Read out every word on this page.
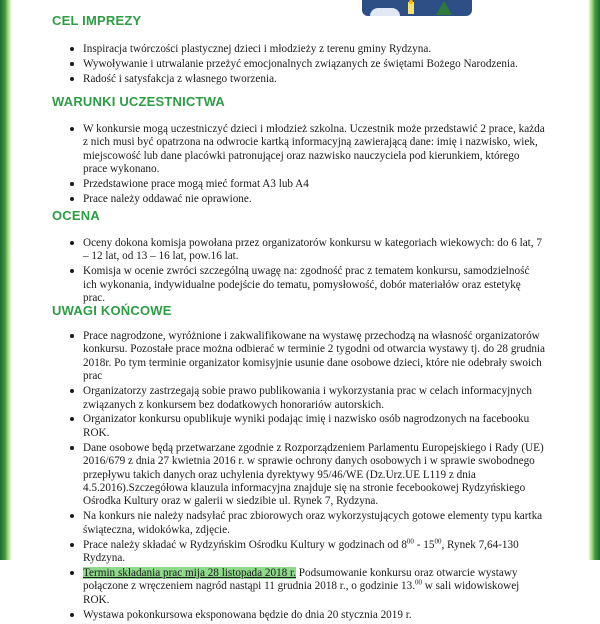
CEL IMPREZY
Inspiracja twórczości plastycznej dzieci i młodzieży z terenu gminy Rydzyna.
Wywoływanie i utrwalanie przeżyć emocjonalnych związanych ze świętami Bożego Narodzenia.
Radość i satysfakcja z własnego tworzenia.
WARUNKI UCZESTNICTWA
W konkursie mogą uczestniczyć dzieci i młodzież szkolna. Uczestnik może przedstawić 2 prace, każda z nich musi być opatrzona na odwrocie kartką informacyjną zawierającą dane: imię i nazwisko, wiek, miejscowość lub dane placówki patronującej oraz nazwisko nauczyciela pod kierunkiem, którego prace wykonano.
Przedstawione prace mogą mieć format A3 lub A4
Prace należy oddawać nie oprawione.
OCENA
Oceny dokona komisja powołana przez organizatorów konkursu w kategoriach wiekowych: do 6 lat, 7 – 12 lat, od 13 – 16 lat, pow.16 lat.
Komisja w ocenie zwróci szczególną uwagę na: zgodność prac z tematem konkursu, samodzielność ich wykonania, indywidualne podejście do tematu, pomysłowość, dobór materiałów oraz estetykę prac.
UWAGI KOŃCOWE
Prace nagrodzone, wyróżnione i zakwalifikowane na wystawę przechodzą na własność organizatorów konkursu. Pozostałe prace można odbierać w terminie 2 tygodni od otwarcia wystawy tj. do 28 grudnia 2018r. Po tym terminie organizator komisyjnie usunie dane osobowe dzieci, które nie odebrały swoich prac
Organizatorzy zastrzegają sobie prawo publikowania i wykorzystania prac w celach informacyjnych związanych z konkursem bez dodatkowych honorariów autorskich.
Organizator konkursu opublikuje wyniki podając imię i nazwisko osób nagrodzonych na facebooku ROK.
Dane osobowe będą przetwarzane zgodnie z Rozporządzeniem Parlamentu Europejskiego i Rady (UE) 2016/679 z dnia 27 kwietnia 2016 r. w sprawie ochrony danych osobowych i w sprawie swobodnego przepływu takich danych oraz uchylenia dyrektywy 95/46/WE (Dz.Urz.UE L119 z dnia 4.5.2016).Szczegółowa klauzula informacyjna znajduje się na stronie fecebookowej Rydzyńskiego Ośrodka Kultury oraz w galerii w siedzibie ul. Rynek 7, Rydzyna.
Na konkurs nie należy nadsyłać prac zbiorowych oraz wykorzystujących gotowe elementy typu kartka świąteczna, widokówka, zdjęcie.
Prace należy składać w Rydzyńskim Ośrodku Kultury w godzinach od $8^{00} - 15^{00}$, Rynek 7,64-130 Rydzyna.
Termin składania prac mija 28 listopada 2018 r. Podsumowanie konkursu oraz otwarcie wystawy połączone z wręczeniem nagród nastąpi 11 grudnia 2018 r., o godzinie 13.00 w sali widowiskowej ROK.
Wystawa pokonkursowa eksponowana będzie do dnia 20 stycznia 2019 r.
